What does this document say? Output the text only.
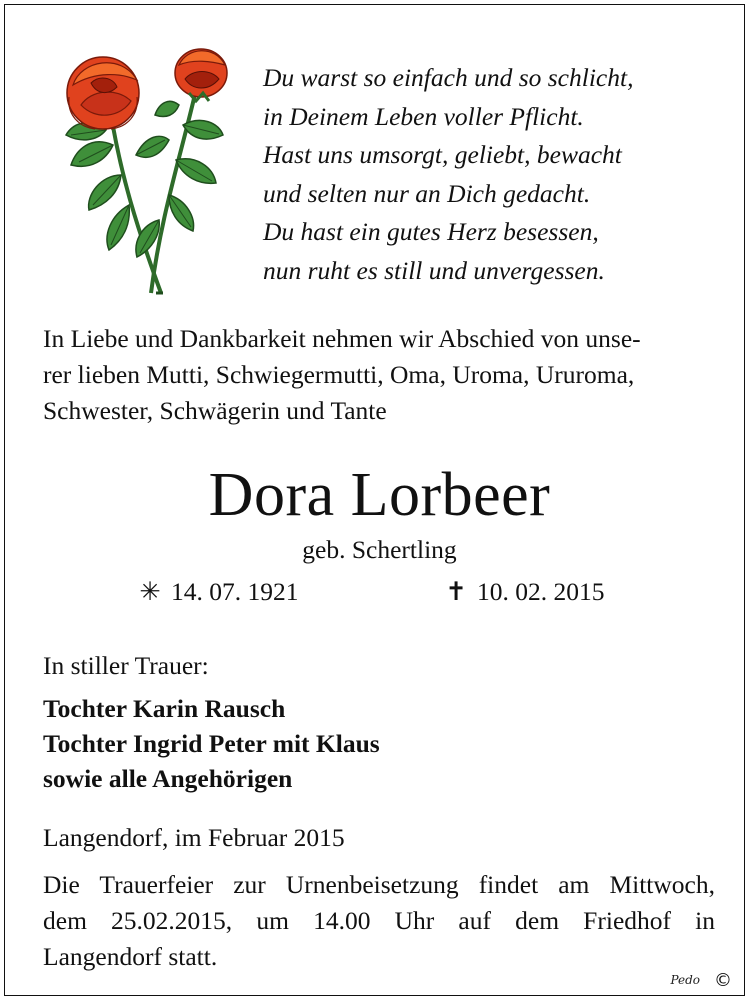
Du warst so einfach und so schlicht,
in Deinem Leben voller Pflicht.
Hast uns umsorgt, geliebt, bewacht
und selten nur an Dich gedacht.
Du hast ein gutes Herz besessen,
nun ruht es still und unvergessen.
In Liebe und Dankbarkeit nehmen wir Abschied von unse-
rer lieben Mutti, Schwiegermutti, Oma, Uroma, Ururoma,
Schwester, Schwägerin und Tante
Dora Lorbeer
geb. Schertling
✳ 14. 07. 1921	✝ 10. 02. 2015
In stiller Trauer:
Tochter Karin Rausch
Tochter Ingrid Peter mit Klaus
sowie alle Angehörigen
Langendorf, im Februar 2015
Die Trauerfeier zur Urnenbeisetzung findet am Mittwoch,
dem 25.02.2015, um 14.00 Uhr auf dem Friedhof in
Langendorf statt.
Pedo ©
